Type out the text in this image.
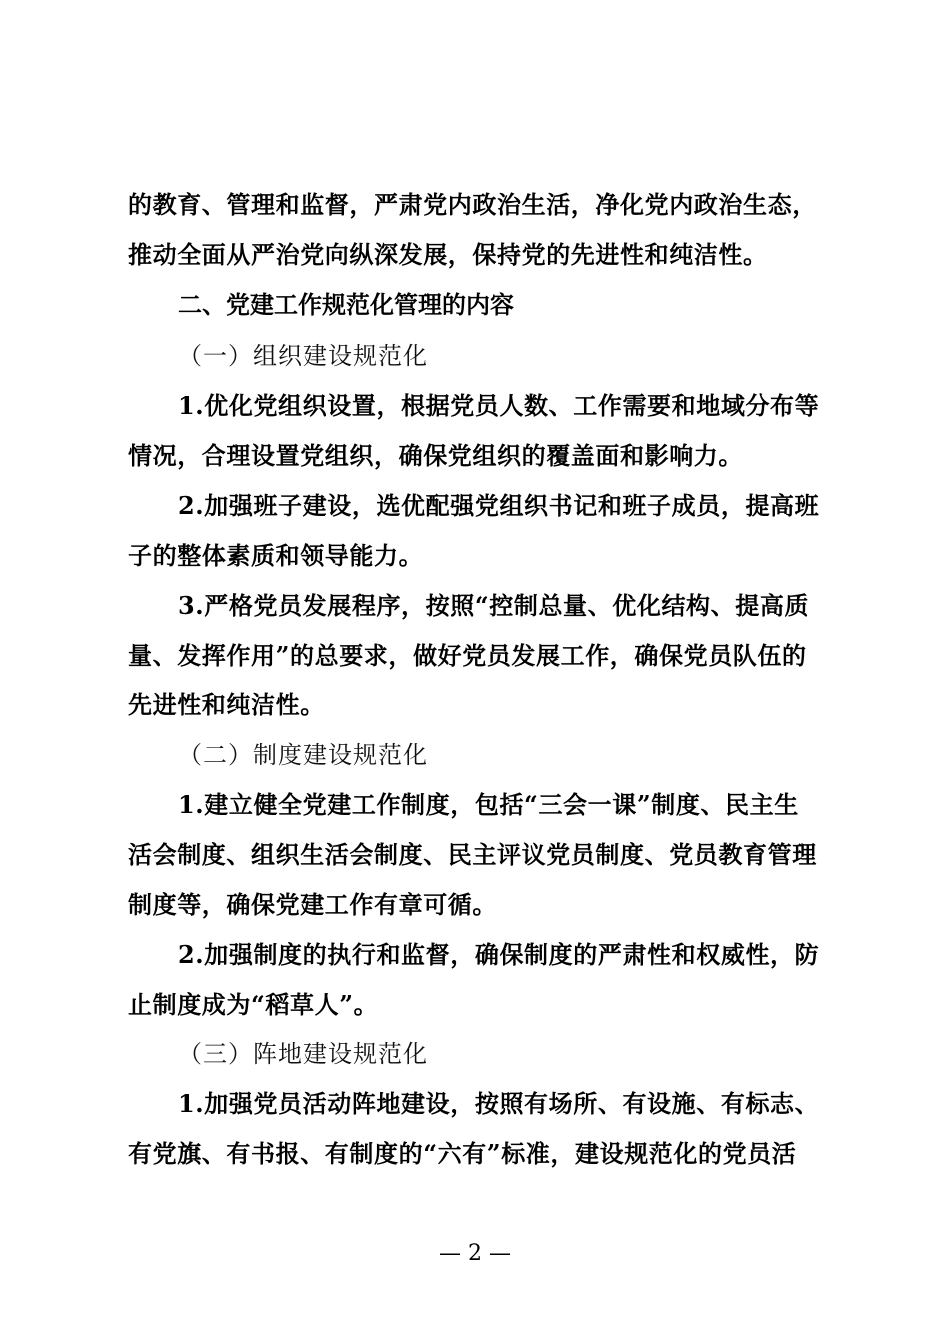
的教育、管理和监督，严肃党内政治生活，净化党内政治生态，
推动全面从严治党向纵深发展，保持党的先进性和纯洁性。
二、党建工作规范化管理的内容
（一）组织建设规范化
1.优化党组织设置，根据党员人数、工作需要和地域分布等
情况，合理设置党组织，确保党组织的覆盖面和影响力。
2.加强班子建设，选优配强党组织书记和班子成员，提高班
子的整体素质和领导能力。
3.严格党员发展程序，按照“控制总量、优化结构、提高质
量、发挥作用”的总要求，做好党员发展工作，确保党员队伍的
先进性和纯洁性。
（二）制度建设规范化
1.建立健全党建工作制度，包括“三会一课”制度、民主生
活会制度、组织生活会制度、民主评议党员制度、党员教育管理
制度等，确保党建工作有章可循。
2.加强制度的执行和监督，确保制度的严肃性和权威性，防
止制度成为“稻草人”。
（三）阵地建设规范化
1.加强党员活动阵地建设，按照有场所、有设施、有标志、
有党旗、有书报、有制度的“六有”标准，建设规范化的党员活
— 2 —
